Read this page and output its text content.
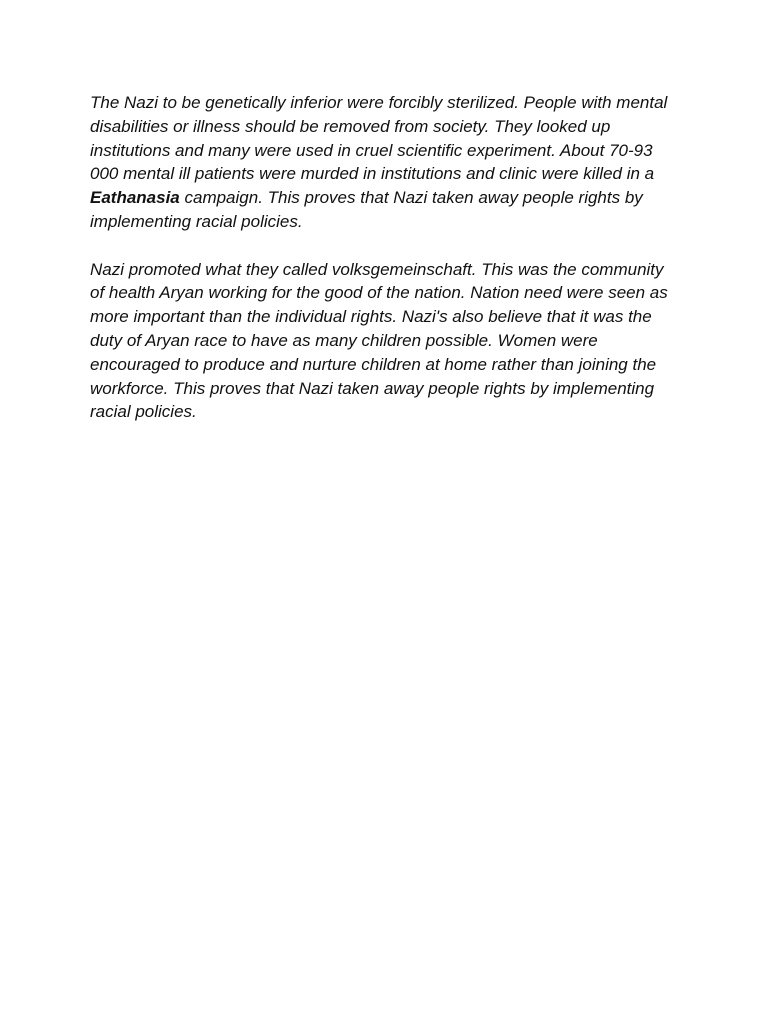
The Nazi to be genetically inferior were forcibly sterilized. People with mental disabilities or illness should be removed from society. They looked up institutions and many were used in cruel scientific experiment. About 70-93 000 mental ill patients were murded in institutions and clinic were killed in a Eathanasia campaign. This proves that Nazi taken away people rights by implementing racial policies.

Nazi promoted what they called volksgemeinschaft. This was the community of health Aryan working for the good of the nation. Nation need were seen as more important than the individual rights. Nazi's also believe that it was the duty of Aryan race to have as many children possible. Women were encouraged to produce and nurture children at home rather than joining the workforce. This proves that Nazi taken away people rights by implementing racial policies.
